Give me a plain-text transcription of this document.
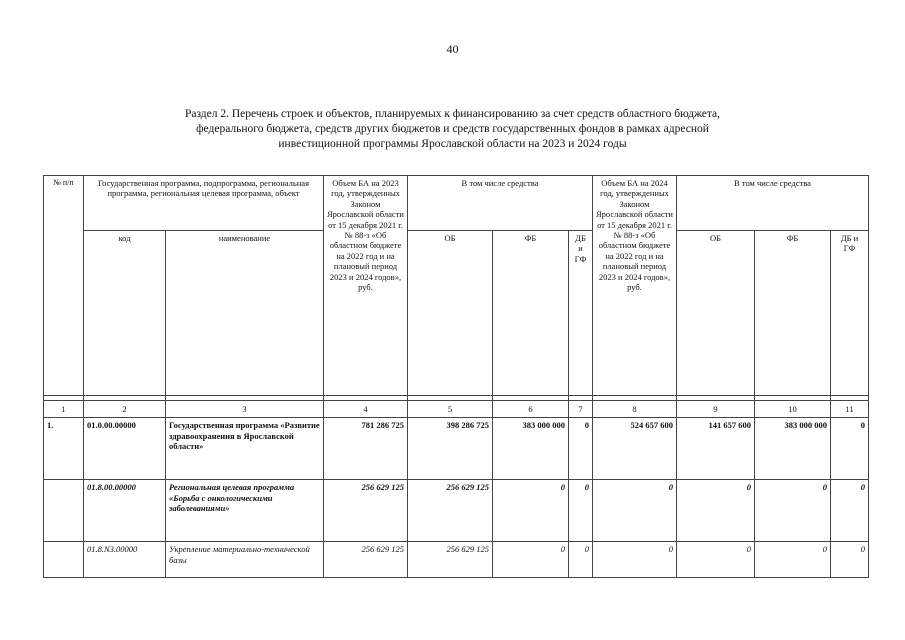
40
Раздел 2. Перечень строек и объектов, планируемых к финансированию за счет средств областного бюджета,
федерального бюджета, средств других бюджетов и средств государственных фондов в рамках адресной
инвестиционной программы Ярославской области на 2023 и 2024 годы
№ п/п	Государственная программа, подпрограмма, региональная программа, региональная целевая программа, объект		Объем БА на 2023 год, утвержденных Законом Ярославской области от 15 декабря 2021 г. № 88-з «Об областном бюджете на 2022 год и на плановый период 2023 и 2024 годов», руб.	В том числе средства			Объем БА на 2024 год, утвержденных Законом Ярославской области от 15 декабря 2021 г. № 88-з «Об областном бюджете на 2022 год и на плановый период 2023 и 2024 годов», руб.	В том числе средства		
	код	наименование		ОБ	ФБ	ДБ и ГФ		ОБ	ФБ	ДБ и ГФ

1	2	3	4	5	6	7	8	9	10	11
1.	01.0.00.00000	Государственная программа «Развитие здравоохранения в Ярославской области»	781 286 725	398 286 725	383 000 000	0	524 657 600	141 657 600	383 000 000	0
	01.8.00.00000	Региональная целевая программа «Борьба с онкологическими заболеваниями»	256 629 125	256 629 125	0	0	0	0	0	0
	01.8.N3.00000	Укрепление материально-технической базы	256 629 125	256 629 125	0	0	0	0	0	0
